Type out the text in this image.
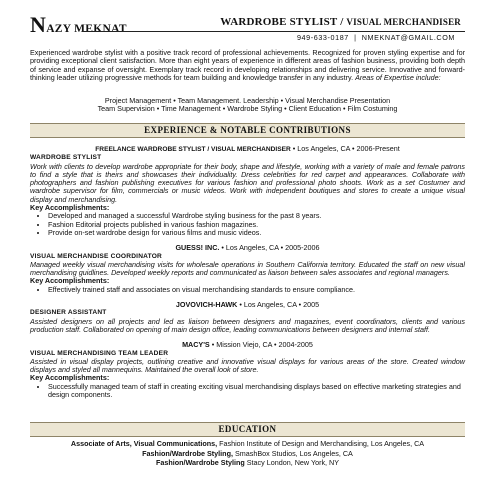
NAZY MEKNAT
WARDROBE STYLIST / VISUAL MERCHANDISER
949-633-0187  |  NMEKNAT@GMAIL.COM
Experienced wardrobe stylist with a positive track record of professional achievements. Recognized for proven styling expertise and for providing exceptional client satisfaction. More than eight years of experience in different areas of fashion business, providing both depth of service and expanse of oversight. Exemplary track record in developing relationships and delivering service. Innovative and forward-thinking leader utilizing progressive methods for team building and knowledge transfer in any industry. Areas of Expertise include:
Project Management • Team Management. Leadership • Visual Merchandise Presentation
Team Supervision • Time Management • Wardrobe Styling • Client Education • Film Costuming
EXPERIENCE & NOTABLE CONTRIBUTIONS
FREELANCE WARDROBE STYLIST / VISUAL MERCHANDISER • Los Angeles, CA • 2006-Present
WARDROBE STYLIST
Work with clients to develop wardrobe appropriate for their body, shape and lifestyle, working with a variety of male and female patrons to find a style that is theirs and showcases their individuality. Dress celebrities for red carpet and appearances. Collaborate with photographers and fashion publishing executives for various fashion and professional photo shoots. Work as a set Costumer and wardrobe supervisor for film, commercials or music videos. Work with independent boutiques and stores to create a unique visual display and merchandising.
Key Accomplishments:
• Developed and managed a successful Wardrobe styling business for the past 8 years.
• Fashion Editorial projects published in various fashion magazines.
• Provide on-set wardrobe design for various films and music videos.
GUESS! INC. • Los Angeles, CA • 2005-2006
VISUAL MERCHANDISE COORDINATOR
Managed weekly visual merchandising visits for wholesale operations in Southern California territory. Educated the staff on new visual merchandising guidlines. Developed weekly reports and communicated as liaison between sales associates and regional managers.
Key Accomplishments:
• Effectively trained staff and associates on visual merchandising standards to ensure compliance.
JOVOVICH-HAWK • Los Angeles, CA • 2005
DESIGNER ASSISTANT
Assisted designers on all projects and led as liaison between designers and magazines, event coordinators, clients and various production staff. Collaborated on opening of main design office, leading communications between designers and internal staff.
MACY'S • Mission Viejo, CA • 2004-2005
VISUAL MERCHANDISING TEAM LEADER
Assisted in visual display projects, outlining creative and innovative visual displays for various areas of the store. Created window displays and styled all mannequins. Maintained the overall look of store.
Key Accomplishments:
• Successfully managed team of staff in creating exciting visual merchandising displays based on effective marketing strategies and design components.
EDUCATION
Associate of Arts, Visual Communications, Fashion Institute of Design and Merchandising, Los Angeles, CA
Fashion/Wardrobe Styling, SmashBox Studios, Los Angeles, CA
Fashion/Wardrobe Styling Stacy London, New York, NY
